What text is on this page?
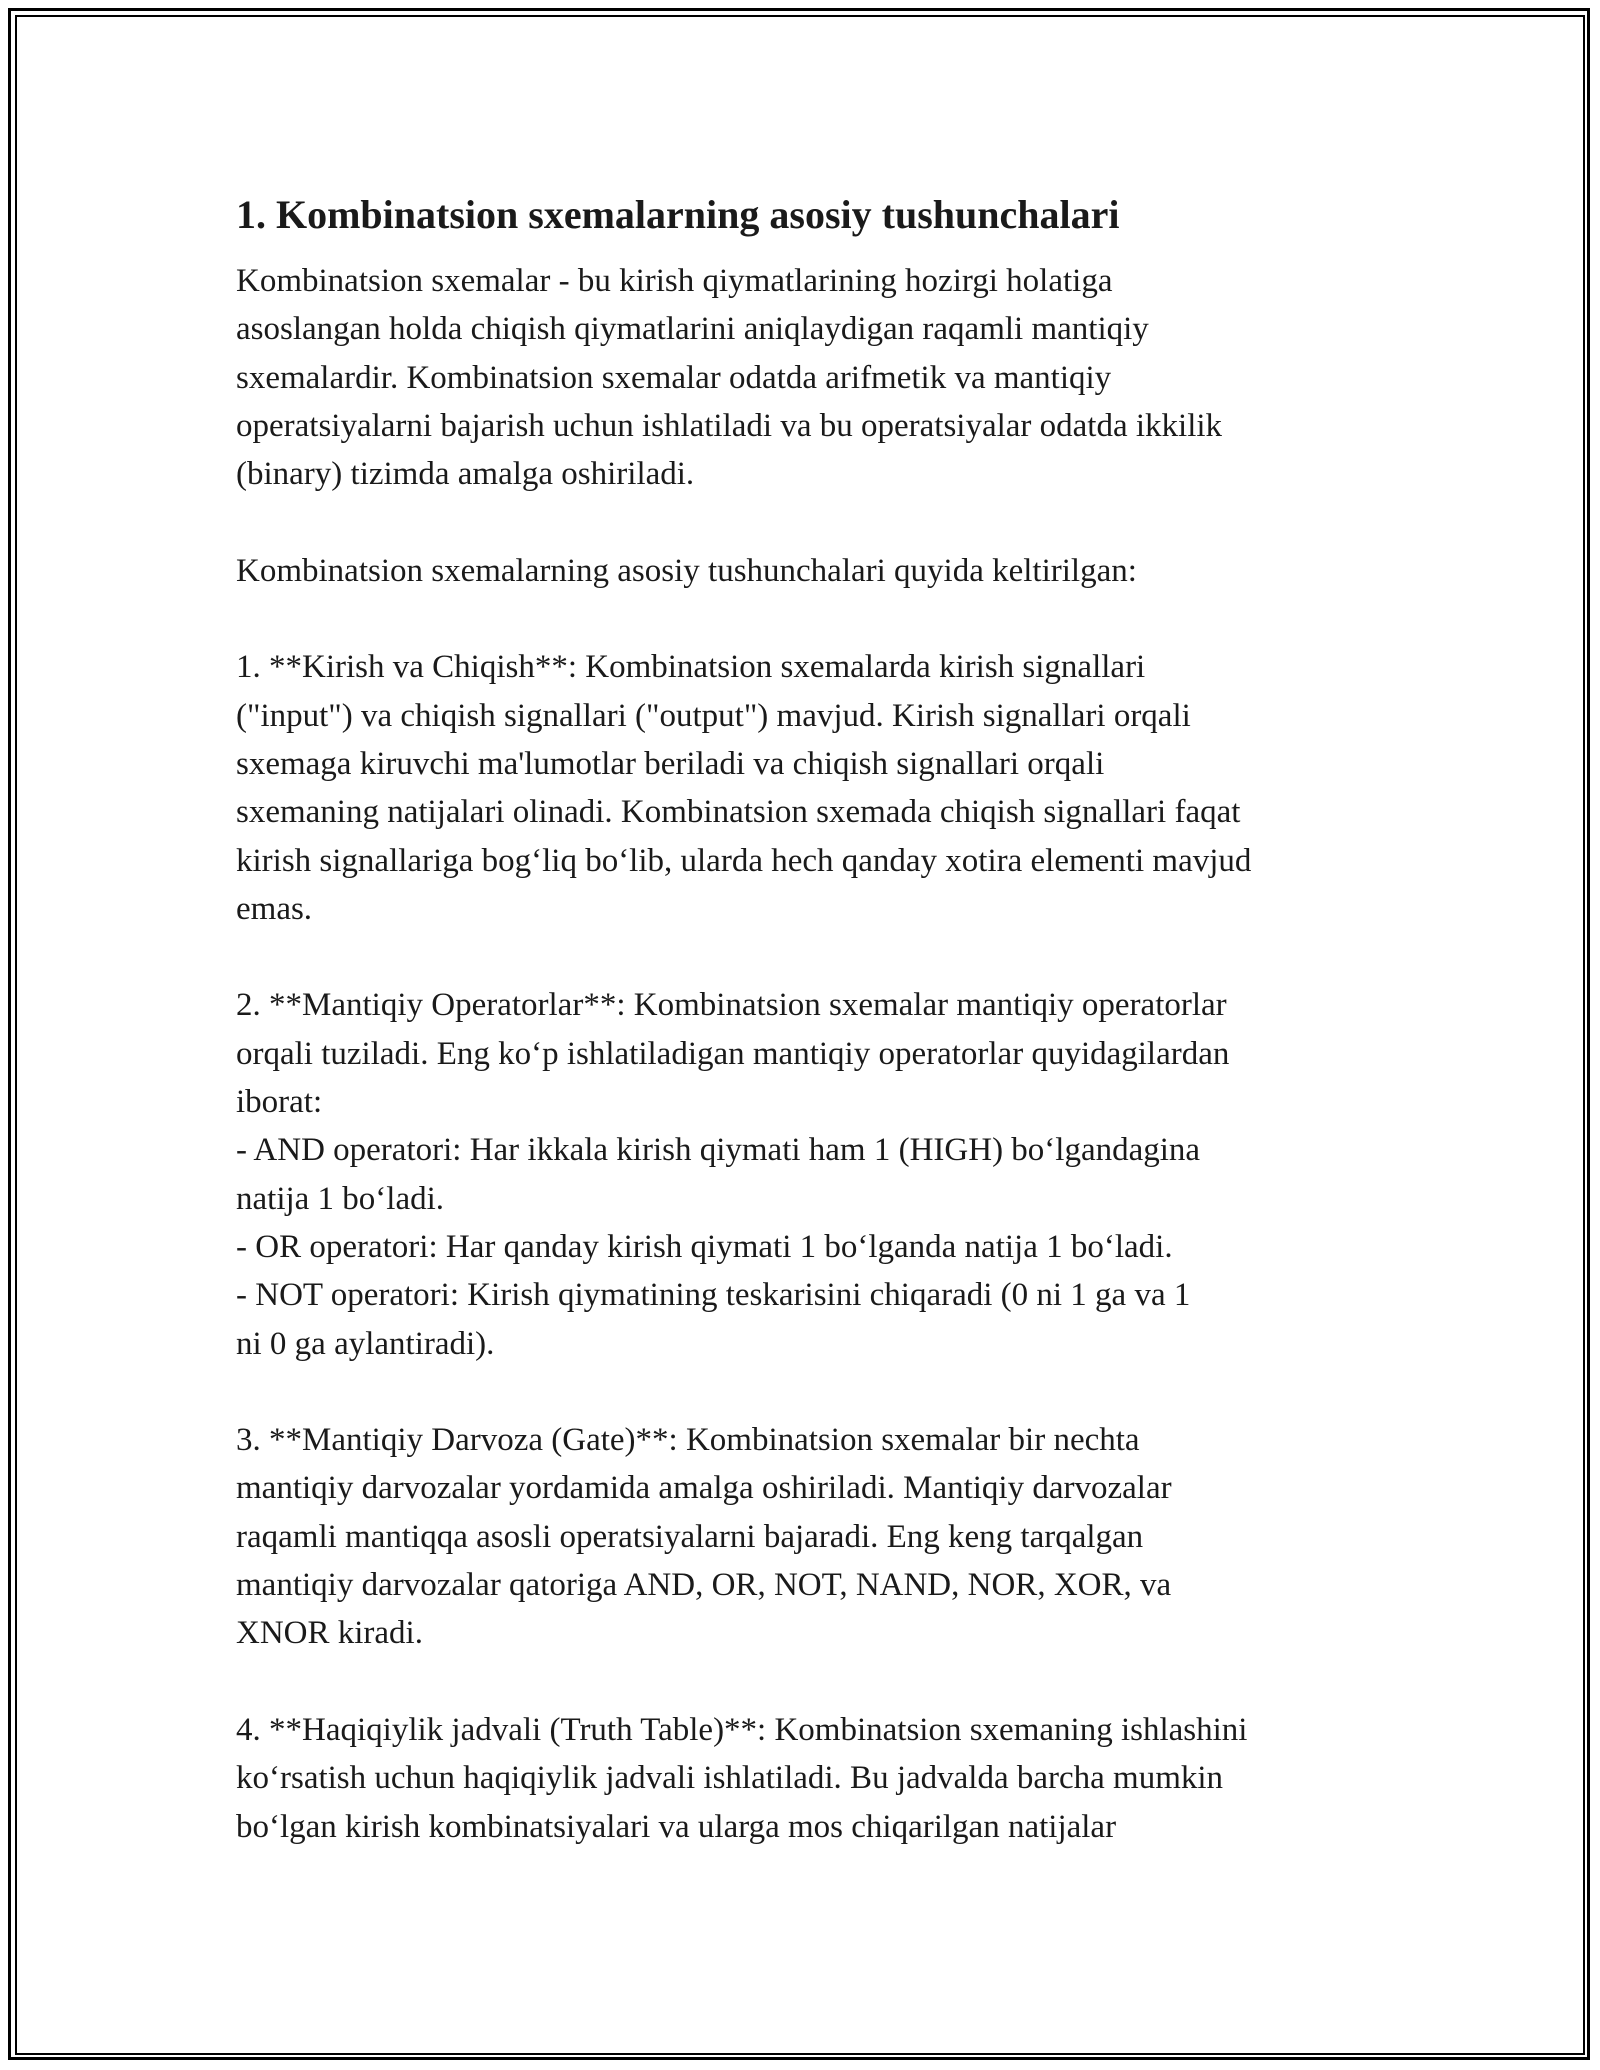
1. Kombinatsion sxemalarning asosiy tushunchalari

Kombinatsion sxemalar - bu kirish qiymatlarining hozirgi holatiga
asoslangan holda chiqish qiymatlarini aniqlaydigan raqamli mantiqiy
sxemalardir. Kombinatsion sxemalar odatda arifmetik va mantiqiy
operatsiyalarni bajarish uchun ishlatiladi va bu operatsiyalar odatda ikkilik
(binary) tizimda amalga oshiriladi.

Kombinatsion sxemalarning asosiy tushunchalari quyida keltirilgan:

1. **Kirish va Chiqish**: Kombinatsion sxemalarda kirish signallari
("input") va chiqish signallari ("output") mavjud. Kirish signallari orqali
sxemaga kiruvchi ma'lumotlar beriladi va chiqish signallari orqali
sxemaning natijalari olinadi. Kombinatsion sxemada chiqish signallari faqat
kirish signallariga bog‘liq bo‘lib, ularda hech qanday xotira elementi mavjud
emas.

2. **Mantiqiy Operatorlar**: Kombinatsion sxemalar mantiqiy operatorlar
orqali tuziladi. Eng ko‘p ishlatiladigan mantiqiy operatorlar quyidagilardan
iborat:
- AND operatori: Har ikkala kirish qiymati ham 1 (HIGH) bo‘lgandagina
natija 1 bo‘ladi.
- OR operatori: Har qanday kirish qiymati 1 bo‘lganda natija 1 bo‘ladi.
- NOT operatori: Kirish qiymatining teskarisini chiqaradi (0 ni 1 ga va 1
ni 0 ga aylantiradi).

3. **Mantiqiy Darvoza (Gate)**: Kombinatsion sxemalar bir nechta
mantiqiy darvozalar yordamida amalga oshiriladi. Mantiqiy darvozalar
raqamli mantiqqa asosli operatsiyalarni bajaradi. Eng keng tarqalgan
mantiqiy darvozalar qatoriga AND, OR, NOT, NAND, NOR, XOR, va
XNOR kiradi.

4. **Haqiqiylik jadvali (Truth Table)**: Kombinatsion sxemaning ishlashini
ko‘rsatish uchun haqiqiylik jadvali ishlatiladi. Bu jadvalda barcha mumkin
bo‘lgan kirish kombinatsiyalari va ularga mos chiqarilgan natijalar
